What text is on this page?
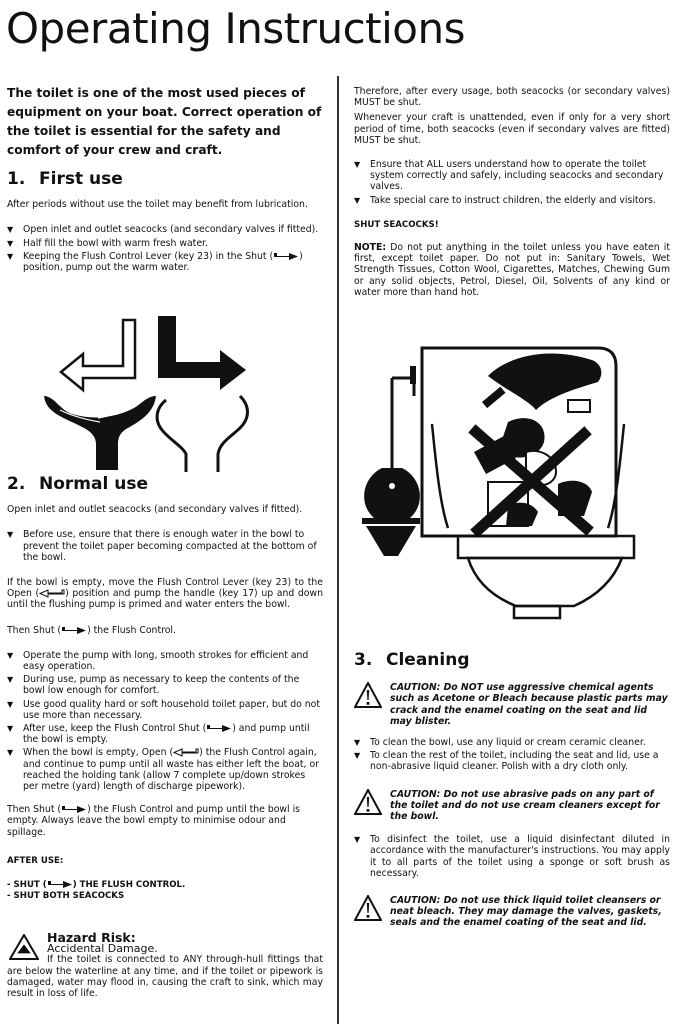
Operating Instructions

The toilet is one of the most used pieces of equipment on your boat. Correct operation of the toilet is essential for the safety and comfort of your crew and craft.

1. First use

After periods without use the toilet may benefit from lubrication.

▼ Open inlet and outlet seacocks (and secondary valves if fitted).
▼ Half fill the bowl with warm fresh water.
▼ Keeping the Flush Control Lever (key 23) in the Shut (	) position, pump out the warm water.
2. Normal use

Open inlet and outlet seacocks (and secondary valves if fitted).

▼ Before use, ensure that there is enough water in the bowl to prevent the toilet paper becoming compacted at the bottom of the bowl.

If the bowl is empty, move the Flush Control Lever (key 23) to the Open (	) position and pump the handle (key 17) up and down until the flushing pump is primed and water enters the bowl.

Then Shut (	) the Flush Control.

▼ Operate the pump with long, smooth strokes for efficient and easy operation.
▼ During use, pump as necessary to keep the contents of the bowl low enough for comfort.
▼ Use good quality hard or soft household toilet paper, but do not use more than necessary.
▼ After use, keep the Flush Control Shut (	) and pump until the bowl is empty.
▼ When the bowl is empty, Open (	) the Flush Control again, and continue to pump until all waste has either left the boat, or reached the holding tank (allow 7 complete up/down strokes per metre (yard) length of discharge pipework).

Then Shut (	) the Flush Control and pump until the bowl is empty. Always leave the bowl empty to minimise odour and spillage.

AFTER USE:

- SHUT (	) THE FLUSH CONTROL.

- SHUT BOTH SEACOCKS

Hazard Risk:
Accidental Damage.

If the toilet is connected to ANY through-hull fittings that are below the waterline at any time, and if the toilet or pipework is damaged, water may flood in, causing the craft to sink, which may result in loss of life.

Therefore, after every usage, both seacocks (or secondary valves) MUST be shut.

Whenever your craft is unattended, even if only for a very short period of time, both seacocks (even if secondary valves are fitted) MUST be shut.

▼ Ensure that ALL users understand how to operate the toilet system correctly and safely, including seacocks and secondary valves.
▼ Take special care to instruct children, the elderly and visitors.

SHUT SEACOCKS!

NOTE: Do not put anything in the toilet unless you have eaten it first, except toilet paper. Do not put in: Sanitary Towels, Wet Strength Tissues, Cotton Wool, Cigarettes, Matches, Chewing Gum or any solid objects, Petrol, Diesel, Oil, Solvents of any kind or water more than hand hot.

3. Cleaning
CAUTION: Do NOT use aggressive chemical agents such as Acetone or Bleach because plastic parts may crack and the enamel coating on the seat and lid may blister.
▼ To clean the bowl, use any liquid or cream ceramic cleaner.
▼ To clean the rest of the toilet, including the seat and lid, use a non-abrasive liquid cleaner. Polish with a dry cloth only.
CAUTION: Do not use abrasive pads on any part of the toilet and do not use cream cleaners except for the bowl.
▼ To disinfect the toilet, use a liquid disinfectant diluted in accordance with the manufacturer's instructions. You may apply it to all parts of the toilet using a sponge or soft brush as necessary.
CAUTION: Do not use thick liquid toilet cleansers or neat bleach. They may damage the valves, gaskets, seals and the enamel coating of the seat and lid.
